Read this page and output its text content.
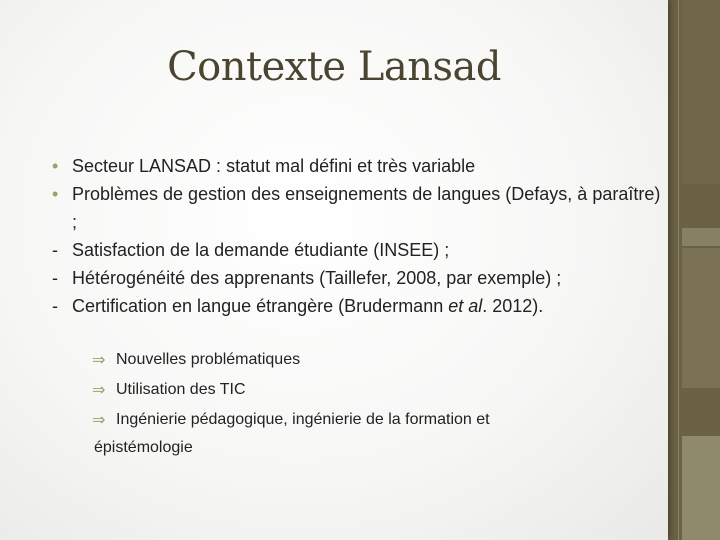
Contexte Lansad
• Secteur LANSAD : statut mal défini et très variable
• Problèmes de gestion des enseignements de langues (Defays, à paraître) ;
- Satisfaction de la demande étudiante (INSEE) ;
- Hétérogénéité des apprenants (Taillefer, 2008, par exemple) ;
- Certification en langue étrangère (Brudermann et al. 2012).
⇒ Nouvelles problématiques
⇒ Utilisation des TIC
⇒ Ingénierie pédagogique, ingénierie de la formation et
épistémologie
